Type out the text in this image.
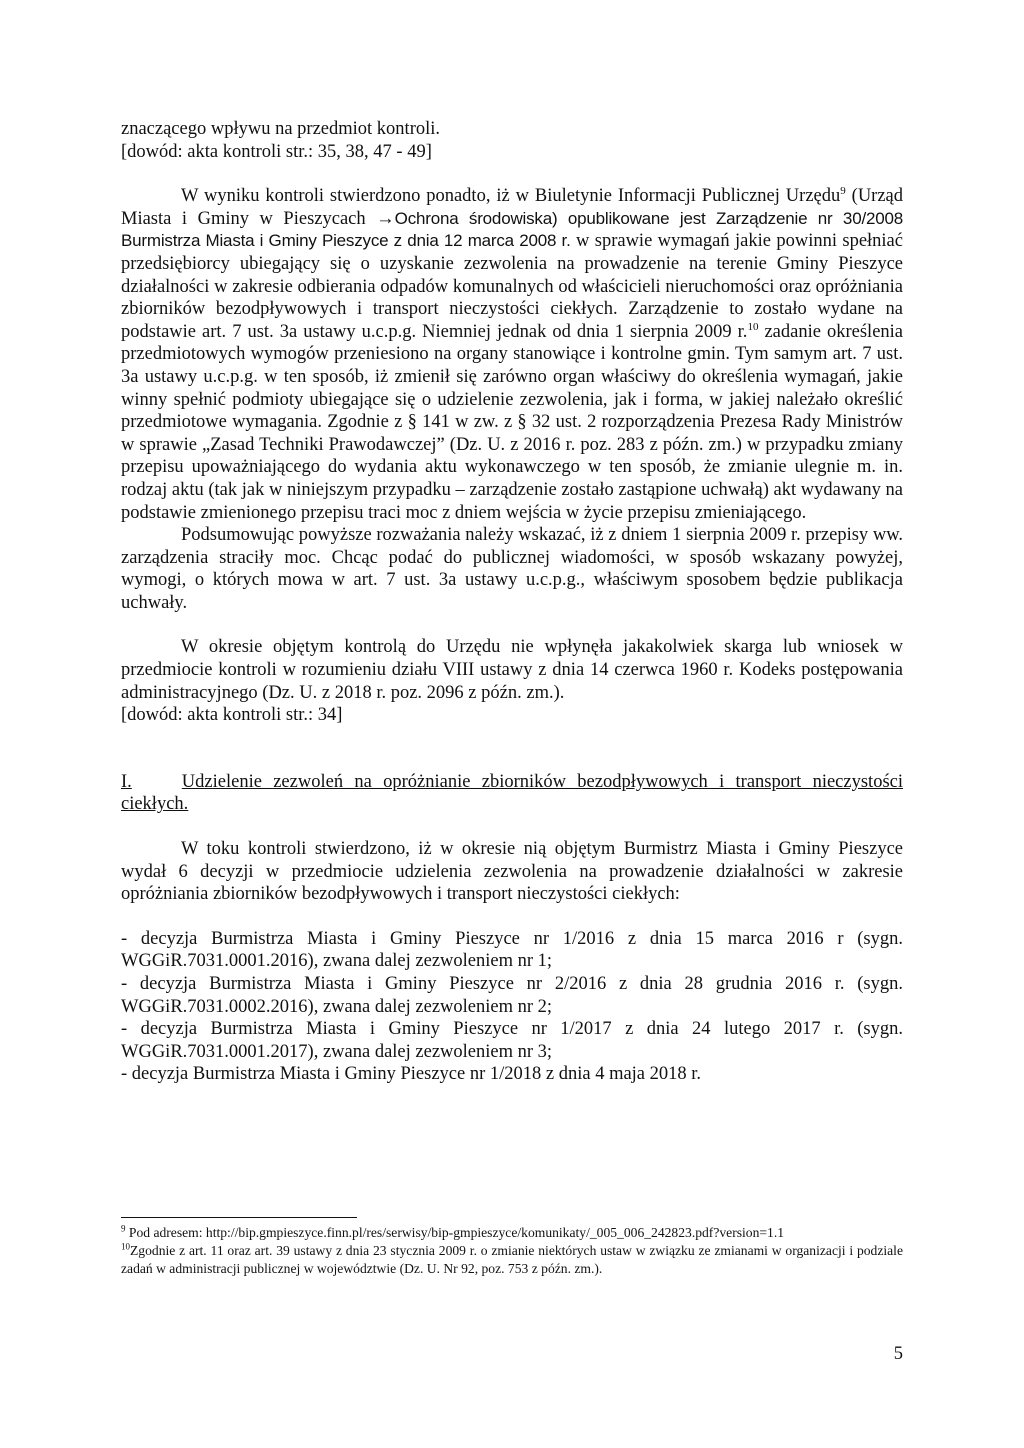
znaczącego wpływu na przedmiot kontroli.

[dowód: akta kontroli str.: 35, 38, 47 - 49]

W wyniku kontroli stwierdzono ponadto, iż w Biuletynie Informacji Publicznej Urzędu$^9$ (Urząd Miasta i Gminy w Pieszycach →Ochrona środowiska) opublikowane jest Zarządzenie nr 30/2008 Burmistrza Miasta i Gminy Pieszyce z dnia 12 marca 2008 r. w sprawie wymagań jakie powinni spełniać przedsiębiorcy ubiegający się o uzyskanie zezwolenia na prowadzenie na terenie Gminy Pieszyce działalności w zakresie odbierania odpadów komunalnych od właścicieli nieruchomości oraz opróżniania zbiorników bezodpływowych i transport nieczystości ciekłych. Zarządzenie to zostało wydane na podstawie art. 7 ust. 3a ustawy u.c.p.g. Niemniej jednak od dnia 1 sierpnia 2009 r.$^{10}$ zadanie określenia przedmiotowych wymogów przeniesiono na organy stanowiące i kontrolne gmin. Tym samym art. 7 ust. 3a ustawy u.c.p.g. w ten sposób, iż zmienił się zarówno organ właściwy do określenia wymagań, jakie winny spełnić podmioty ubiegające się o udzielenie zezwolenia, jak i forma, w jakiej należało określić przedmiotowe wymagania. Zgodnie z § 141 w zw. z § 32 ust. 2 rozporządzenia Prezesa Rady Ministrów w sprawie „Zasad Techniki Prawodawczej” (Dz. U. z 2016 r. poz. 283 z późn. zm.) w przypadku zmiany przepisu upoważniającego do wydania aktu wykonawczego w ten sposób, że zmianie ulegnie m. in. rodzaj aktu (tak jak w niniejszym przypadku – zarządzenie zostało zastąpione uchwałą) akt wydawany na podstawie zmienionego przepisu traci moc z dniem wejścia w życie przepisu zmieniającego.

Podsumowując powyższe rozważania należy wskazać, iż z dniem 1 sierpnia 2009 r. przepisy ww. zarządzenia straciły moc. Chcąc podać do publicznej wiadomości, w sposób wskazany powyżej, wymogi, o których mowa w art. 7 ust. 3a ustawy u.c.p.g., właściwym sposobem będzie publikacja uchwały.

W okresie objętym kontrolą do Urzędu nie wpłynęła jakakolwiek skarga lub wniosek w przedmiocie kontroli w rozumieniu działu VIII ustawy z dnia 14 czerwca 1960 r. Kodeks postępowania administracyjnego (Dz. U. z 2018 r. poz. 2096 z późn. zm.).

[dowód: akta kontroli str.: 34]

I.	Udzielenie zezwoleń na opróżnianie zbiorników bezodpływowych i transport nieczystości ciekłych.

W toku kontroli stwierdzono, iż w okresie nią objętym Burmistrz Miasta i Gminy Pieszyce wydał 6 decyzji w przedmiocie udzielenia zezwolenia na prowadzenie działalności w zakresie opróżniania zbiorników bezodpływowych i transport nieczystości ciekłych:

- decyzja Burmistrza Miasta i Gminy Pieszyce nr 1/2016 z dnia 15 marca 2016 r (sygn. WGGiR.7031.0001.2016), zwana dalej zezwoleniem nr 1;

- decyzja Burmistrza Miasta i Gminy Pieszyce nr 2/2016 z dnia 28 grudnia 2016 r. (sygn. WGGiR.7031.0002.2016), zwana dalej zezwoleniem nr 2;

- decyzja Burmistrza Miasta i Gminy Pieszyce nr 1/2017 z dnia 24 lutego 2017 r. (sygn. WGGiR.7031.0001.2017), zwana dalej zezwoleniem nr 3;

- decyzja Burmistrza Miasta i Gminy Pieszyce nr 1/2018 z dnia 4 maja 2018 r.

$^9$ Pod adresem: http://bip.gmpieszyce.finn.pl/res/serwisy/bip-gmpieszyce/komunikaty/_005_006_242823.pdf?version=1.1

$^{10}$Zgodnie z art. 11 oraz art. 39 ustawy z dnia 23 stycznia 2009 r. o zmianie niektórych ustaw w związku ze zmianami w organizacji i podziale zadań w administracji publicznej w województwie (Dz. U. Nr 92, poz. 753 z późn. zm.).

5
